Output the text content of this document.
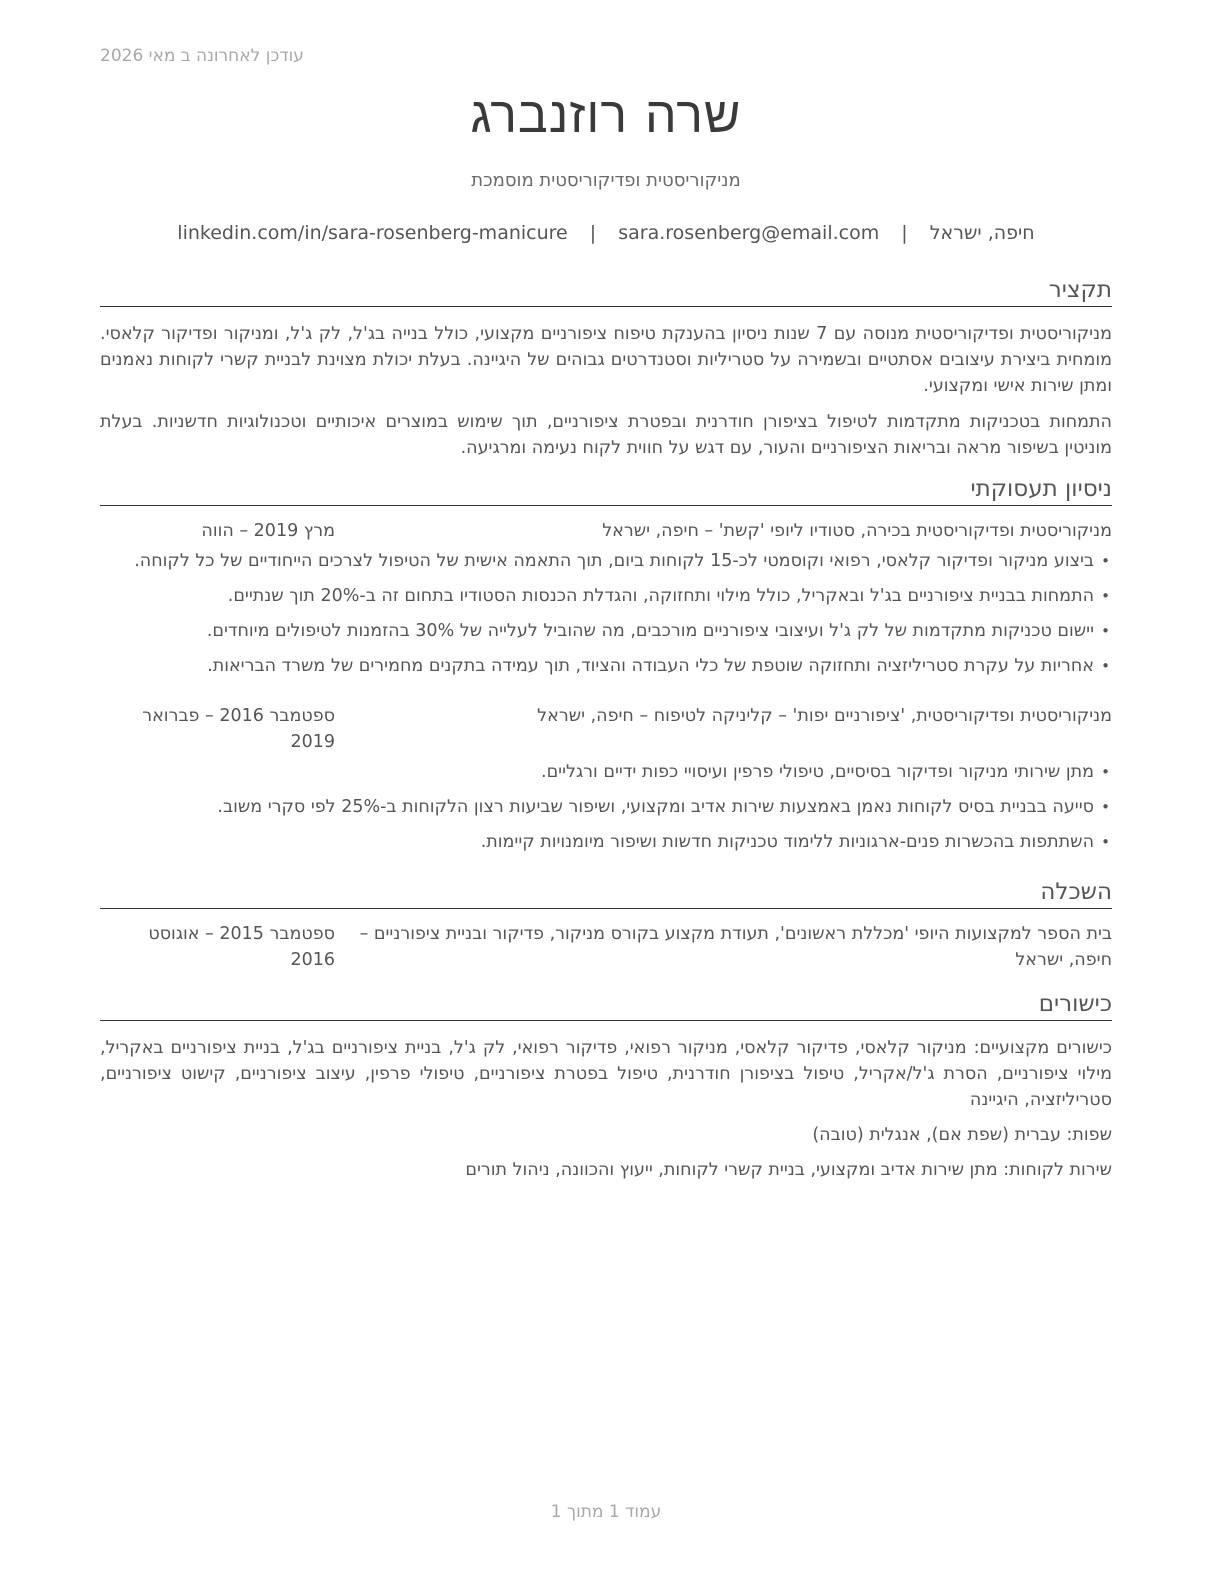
עודכן לאחרונה ב מאי 2026
שרה רוזנברג
מניקוריסטית ופדיקוריסטית מוסמכת
חיפה, ישראל | sara.rosenberg@email.com | linkedin.com/in/sara-rosenberg-manicure
תקציר

מניקוריסטית ופדיקוריסטית מנוסה עם 7 שנות ניסיון בהענקת טיפוח ציפורניים מקצועי, כולל בנייה בג'ל, לק ג'ל, ומניקור ופדיקור קלאסי. מומחית ביצירת עיצובים אסתטיים ובשמירה על סטריליות וסטנדרטים גבוהים של היגיינה. בעלת יכולת מצוינת לבניית קשרי לקוחות נאמנים ומתן שירות אישי ומקצועי.

התמחות בטכניקות מתקדמות לטיפול בציפורן חודרנית ובפטרת ציפורניים, תוך שימוש במוצרים איכותיים וטכנולוגיות חדשניות. בעלת מוניטין בשיפור מראה ובריאות הציפורניים והעור, עם דגש על חווית לקוח נעימה ומרגיעה.

ניסיון תעסוקתי
מניקוריסטית ופדיקוריסטית בכירה, סטודיו ליופי 'קשת' – חיפה, ישראל
מרץ 2019 – הווה
•
ביצוע מניקור ופדיקור קלאסי, רפואי וקוסמטי לכ-15 לקוחות ביום, תוך התאמה אישית של הטיפול לצרכים הייחודיים של כל לקוחה.
•
התמחות בבניית ציפורניים בג'ל ובאקריל, כולל מילוי ותחזוקה, והגדלת הכנסות הסטודיו בתחום זה ב-20% תוך שנתיים.
•
יישום טכניקות מתקדמות של לק ג'ל ועיצובי ציפורניים מורכבים, מה שהוביל לעלייה של 30% בהזמנות לטיפולים מיוחדים.
•
אחריות על עקרת סטריליזציה ותחזוקה שוטפת של כלי העבודה והציוד, תוך עמידה בתקנים מחמירים של משרד הבריאות.
מניקוריסטית ופדיקוריסטית, 'ציפורניים יפות' – קליניקה לטיפוח – חיפה, ישראל
ספטמבר 2016 – פברואר
2019
•
מתן שירותי מניקור ופדיקור בסיסיים, טיפולי פרפין ועיסויי כפות ידיים ורגליים.
•
סייעה בבניית בסיס לקוחות נאמן באמצעות שירות אדיב ומקצועי, ושיפור שביעות רצון הלקוחות ב-25% לפי סקרי משוב.
•
השתתפות בהכשרות פנים-ארגוניות ללימוד טכניקות חדשות ושיפור מיומנויות קיימות.
השכלה
בית הספר למקצועות היופי 'מכללת ראשונים', תעודת מקצוע בקורס מניקור, פדיקור ובניית ציפורניים –
חיפה, ישראל
ספטמבר 2015 – אוגוסט
2016
כישורים

כישורים מקצועיים: מניקור קלאסי, פדיקור קלאסי, מניקור רפואי, פדיקור רפואי, לק ג'ל, בניית ציפורניים בג'ל, בניית ציפורניים באקריל, מילוי ציפורניים, הסרת ג'ל/אקריל, טיפול בציפורן חודרנית, טיפול בפטרת ציפורניים, טיפולי פרפין, עיצוב ציפורניים, קישוט ציפורניים, סטריליזציה, היגיינה

שפות: עברית (שפת אם), אנגלית (טובה)

שירות לקוחות: מתן שירות אדיב ומקצועי, בניית קשרי לקוחות, ייעוץ והכוונה, ניהול תורים

עמוד 1 מתוך 1
